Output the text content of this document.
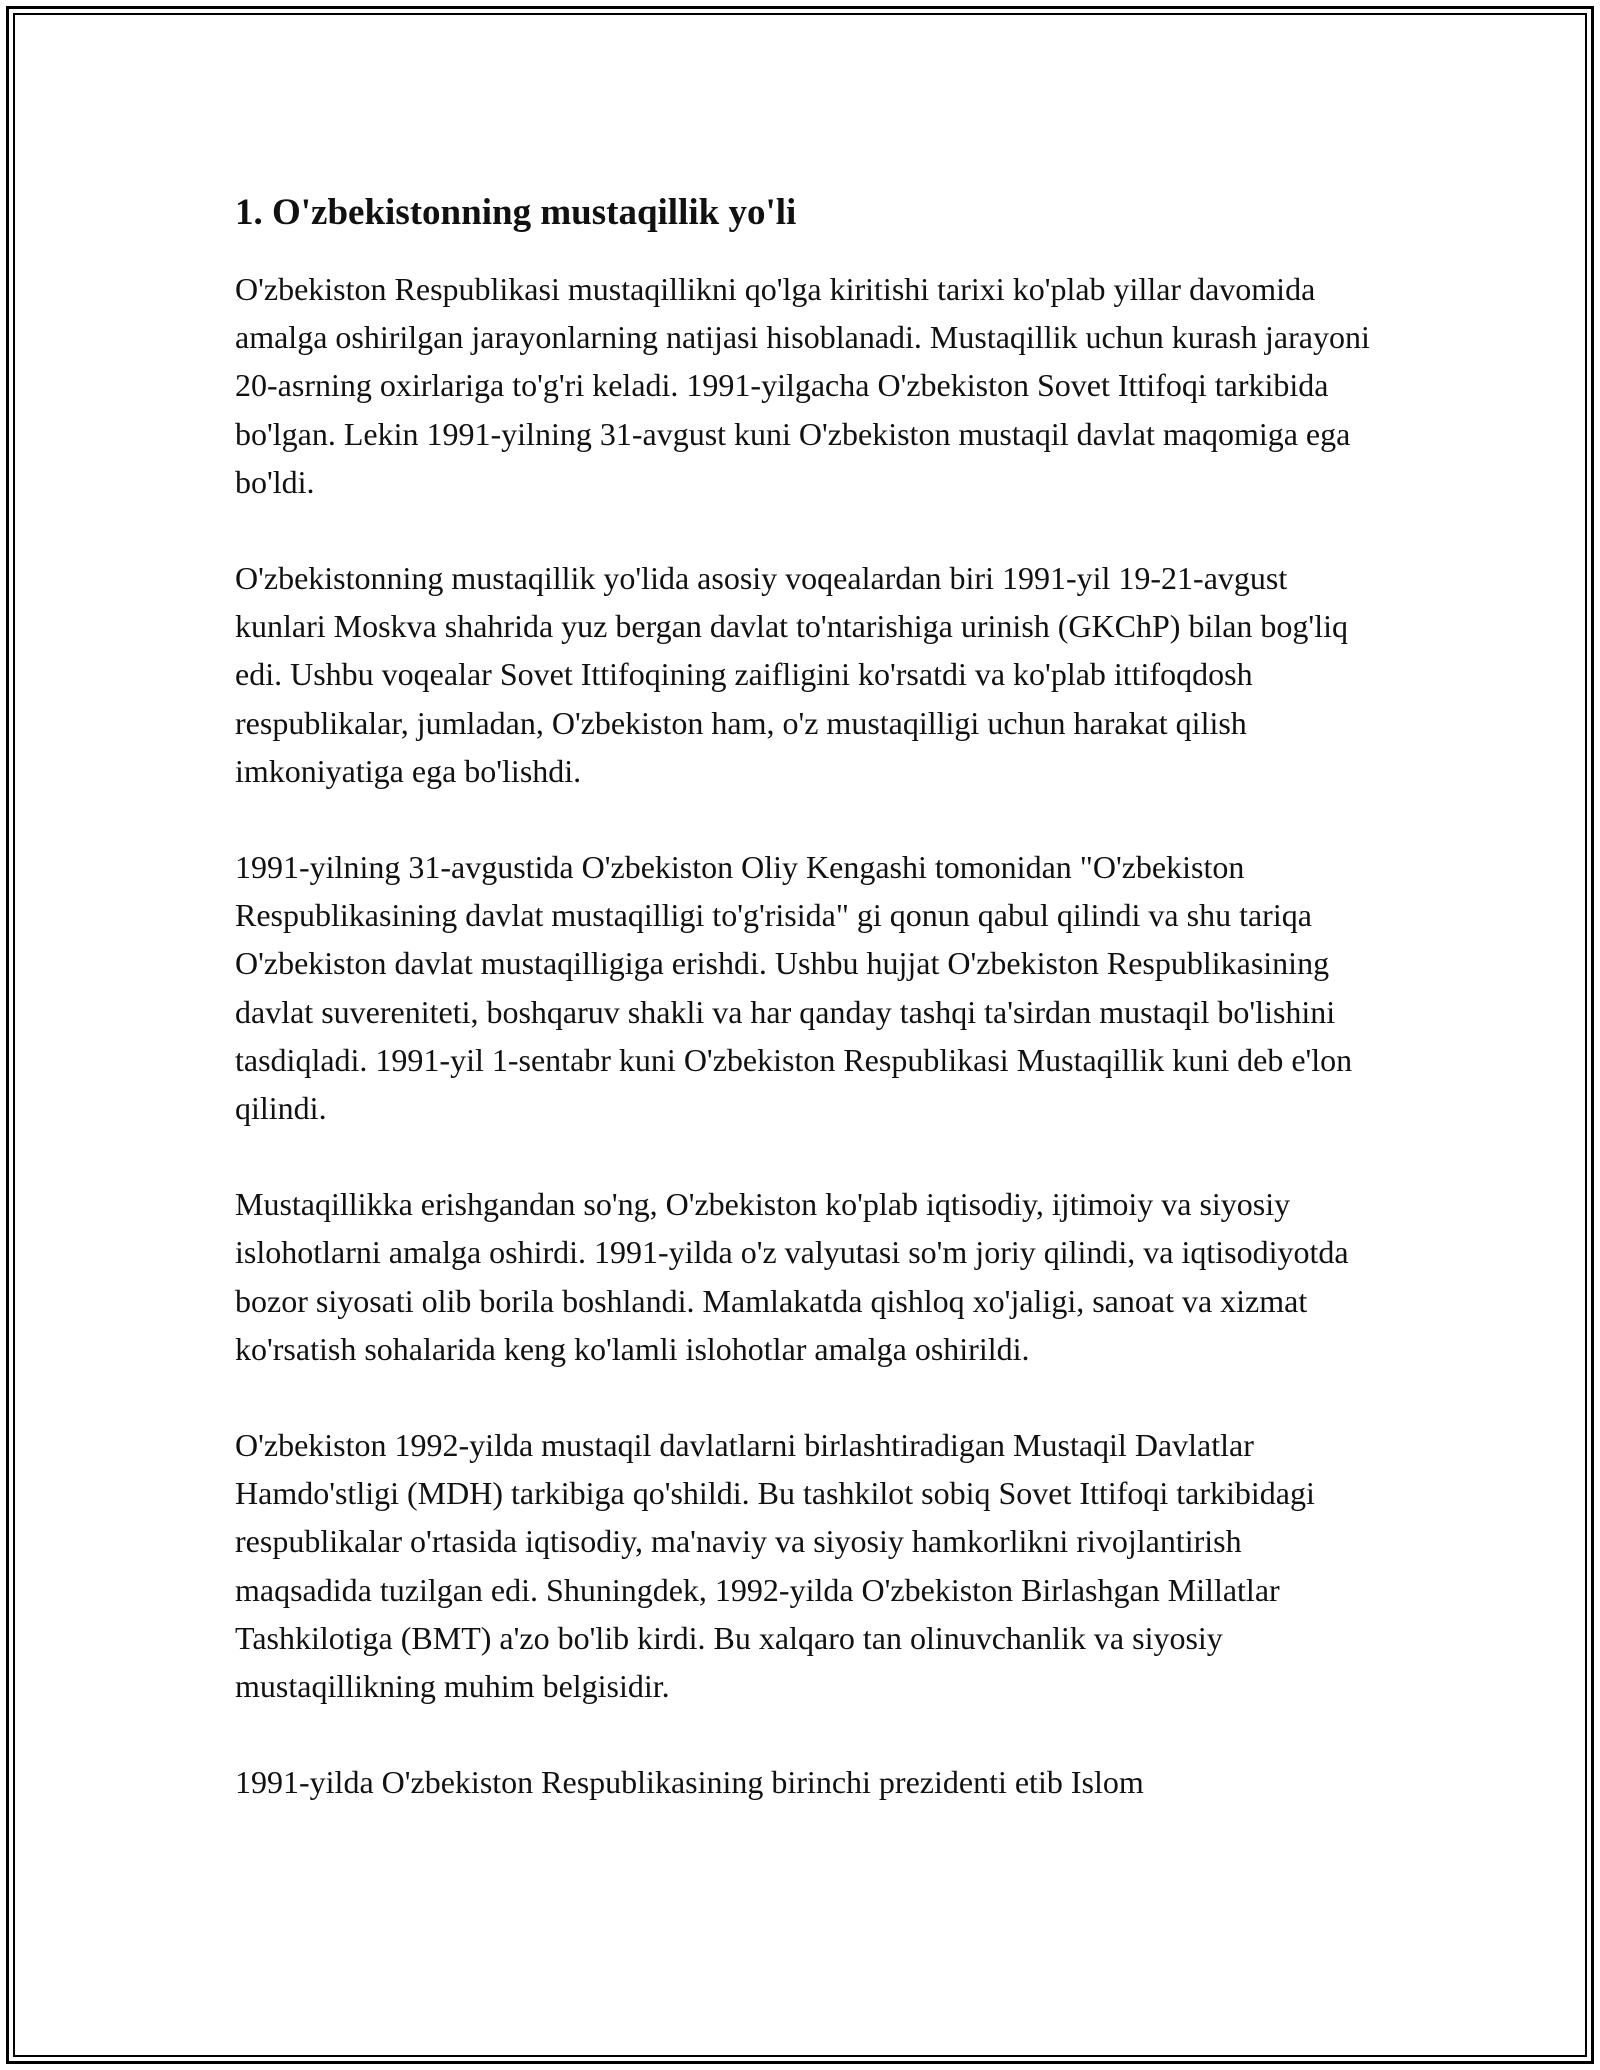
1. O'zbekistonning mustaqillik yo'li

O'zbekiston Respublikasi mustaqillikni qo'lga kiritishi tarixi ko'plab yillar davomida amalga oshirilgan jarayonlarning natijasi hisoblanadi. Mustaqillik uchun kurash jarayoni 20-asrning oxirlariga to'g'ri keladi. 1991-yilgacha O'zbekiston Sovet Ittifoqi tarkibida bo'lgan. Lekin 1991-yilning 31-avgust kuni O'zbekiston mustaqil davlat maqomiga ega bo'ldi.

O'zbekistonning mustaqillik yo'lida asosiy voqealardan biri 1991-yil 19-21-avgust kunlari Moskva shahrida yuz bergan davlat to'ntarishiga urinish (GKChP) bilan bog'liq edi. Ushbu voqealar Sovet Ittifoqining zaifligini ko'rsatdi va ko'plab ittifoqdosh respublikalar, jumladan, O'zbekiston ham, o'z mustaqilligi uchun harakat qilish imkoniyatiga ega bo'lishdi.

1991-yilning 31-avgustida O'zbekiston Oliy Kengashi tomonidan "O'zbekiston Respublikasining davlat mustaqilligi to'g'risida" gi qonun qabul qilindi va shu tariqa O'zbekiston davlat mustaqilligiga erishdi. Ushbu hujjat O'zbekiston Respublikasining davlat suvereniteti, boshqaruv shakli va har qanday tashqi ta'sirdan mustaqil bo'lishini tasdiqladi. 1991-yil 1-sentabr kuni O'zbekiston Respublikasi Mustaqillik kuni deb e'lon qilindi.

Mustaqillikka erishgandan so'ng, O'zbekiston ko'plab iqtisodiy, ijtimoiy va siyosiy islohotlarni amalga oshirdi. 1991-yilda o'z valyutasi so'm joriy qilindi, va iqtisodiyotda bozor siyosati olib borila boshlandi. Mamlakatda qishloq xo'jaligi, sanoat va xizmat ko'rsatish sohalarida keng ko'lamli islohotlar amalga oshirildi.

O'zbekiston 1992-yilda mustaqil davlatlarni birlashtiradigan Mustaqil Davlatlar Hamdo'stligi (MDH) tarkibiga qo'shildi. Bu tashkilot sobiq Sovet Ittifoqi tarkibidagi respublikalar o'rtasida iqtisodiy, ma'naviy va siyosiy hamkorlikni rivojlantirish maqsadida tuzilgan edi. Shuningdek, 1992-yilda O'zbekiston Birlashgan Millatlar Tashkilotiga (BMT) a'zo bo'lib kirdi. Bu xalqaro tan olinuvchanlik va siyosiy mustaqillikning muhim belgisidir.

1991-yilda O'zbekiston Respublikasining birinchi prezidenti etib Islom
